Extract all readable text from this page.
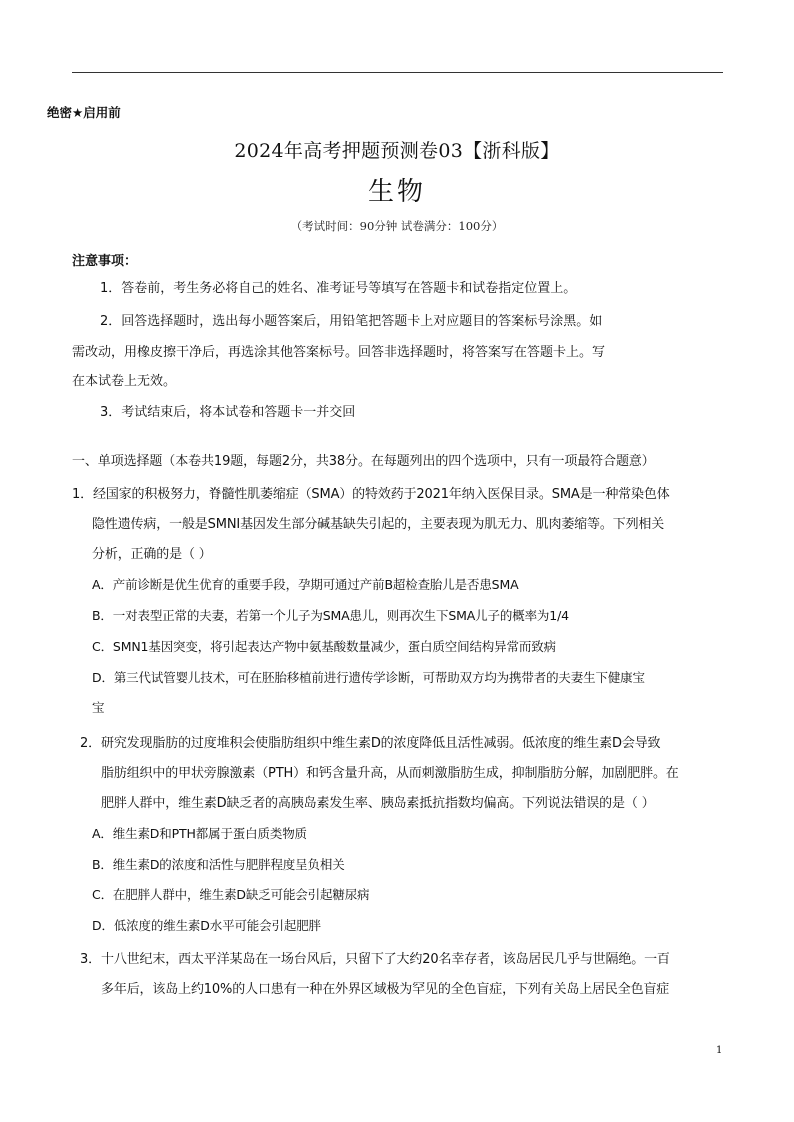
绝密★启用前
2024年高考押题预测卷03【浙科版】
生物
（考试时间：90分钟 试卷满分：100分）
注意事项：
1．答卷前，考生务必将自己的姓名、准考证号等填写在答题卡和试卷指定位置上。
2．回答选择题时，选出每小题答案后，用铅笔把答题卡上对应题目的答案标号涂黑。如
需改动，用橡皮擦干净后，再选涂其他答案标号。回答非选择题时，将答案写在答题卡上。写
在本试卷上无效。
3．考试结束后，将本试卷和答题卡一并交回
一、单项选择题（本卷共19题，每题2分，共38分。在每题列出的四个选项中，只有一项最符合题意）
1．经国家的积极努力，脊髓性肌萎缩症（SMA）的特效药于2021年纳入医保目录。SMA是一种常染色体
隐性遗传病，一般是SMNI基因发生部分碱基缺失引起的，主要表现为肌无力、肌肉萎缩等。下列相关
分析，正确的是（ ）
A．产前诊断是优生优育的重要手段，孕期可通过产前B超检查胎儿是否患SMA
B．一对表型正常的夫妻，若第一个儿子为SMA患儿，则再次生下SMA儿子的概率为1/4
C．SMN1基因突变，将引起表达产物中氨基酸数量减少，蛋白质空间结构异常而致病
D．第三代试管婴儿技术，可在胚胎移植前进行遗传学诊断，可帮助双方均为携带者的夫妻生下健康宝
宝
2．研究发现脂肪的过度堆积会使脂肪组织中维生素D的浓度降低且活性减弱。低浓度的维生素D会导致
脂肪组织中的甲状旁腺激素（PTH）和钙含量升高，从而刺激脂肪生成，抑制脂肪分解，加剧肥胖。在
肥胖人群中，维生素D缺乏者的高胰岛素发生率、胰岛素抵抗指数均偏高。下列说法错误的是（ ）
A．维生素D和PTH都属于蛋白质类物质
B．维生素D的浓度和活性与肥胖程度呈负相关
C．在肥胖人群中，维生素D缺乏可能会引起糖尿病
D．低浓度的维生素D水平可能会引起肥胖
3．十八世纪末，西太平洋某岛在一场台风后，只留下了大约20名幸存者，该岛居民几乎与世隔绝。一百
多年后，该岛上约10%的人口患有一种在外界区域极为罕见的全色盲症，下列有关岛上居民全色盲症
1
